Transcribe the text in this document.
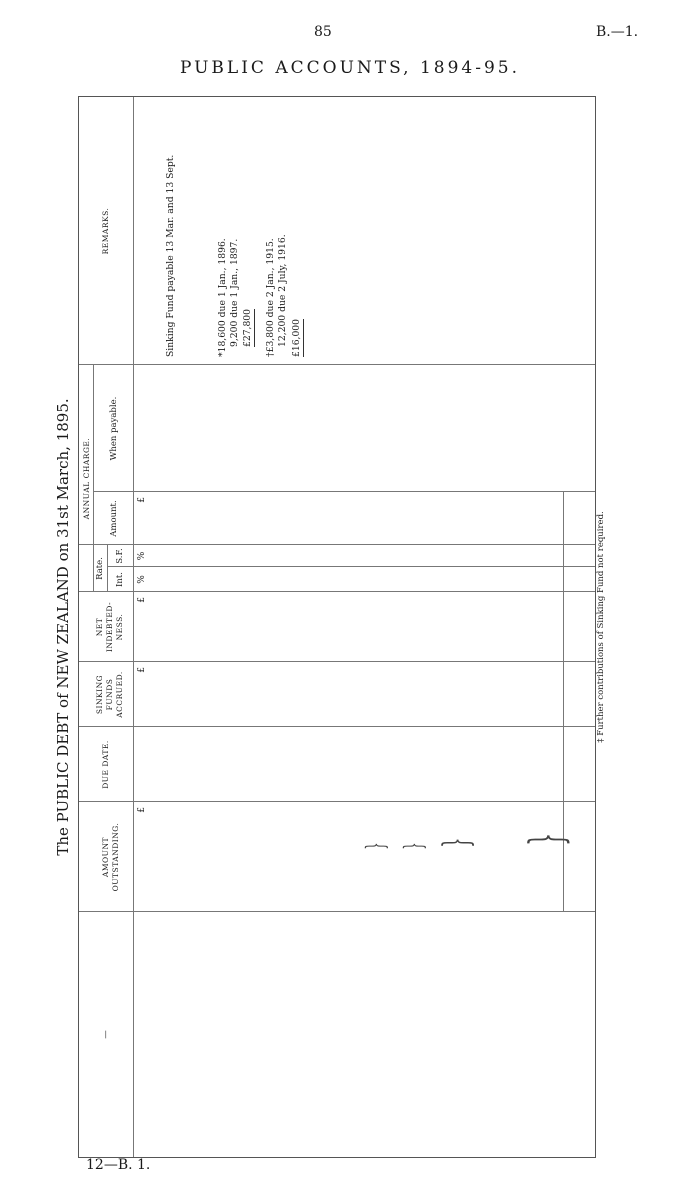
85	B.—1.
PUBLIC ACCOUNTS, 1894-95.
12—B. 1.
The PUBLIC DEBT of NEW ZEALAND on 31st March, 1895.
—
AMOUNT OUTSTANDING.
DUE DATE.
SINKING FUNDS ACCRUED.
NET INDEBTED-NESS.
ANNUAL CHARGE.
Rate. Int.
S.F.
Amount.
When payable.
REMARKS.
£
£
£
%
%
£
} } } }
Sinking Fund payable 13 Mar. and 13 Sept.	*18,600 due 1 Jan., 1896. 9,200 due 1 Jan., 1897. £27,800 †£3,800 due 2 Jan., 1915. 12,200 due 2 July, 1916. £16,000
‡ Further contributions of Sinking Fund not required.
